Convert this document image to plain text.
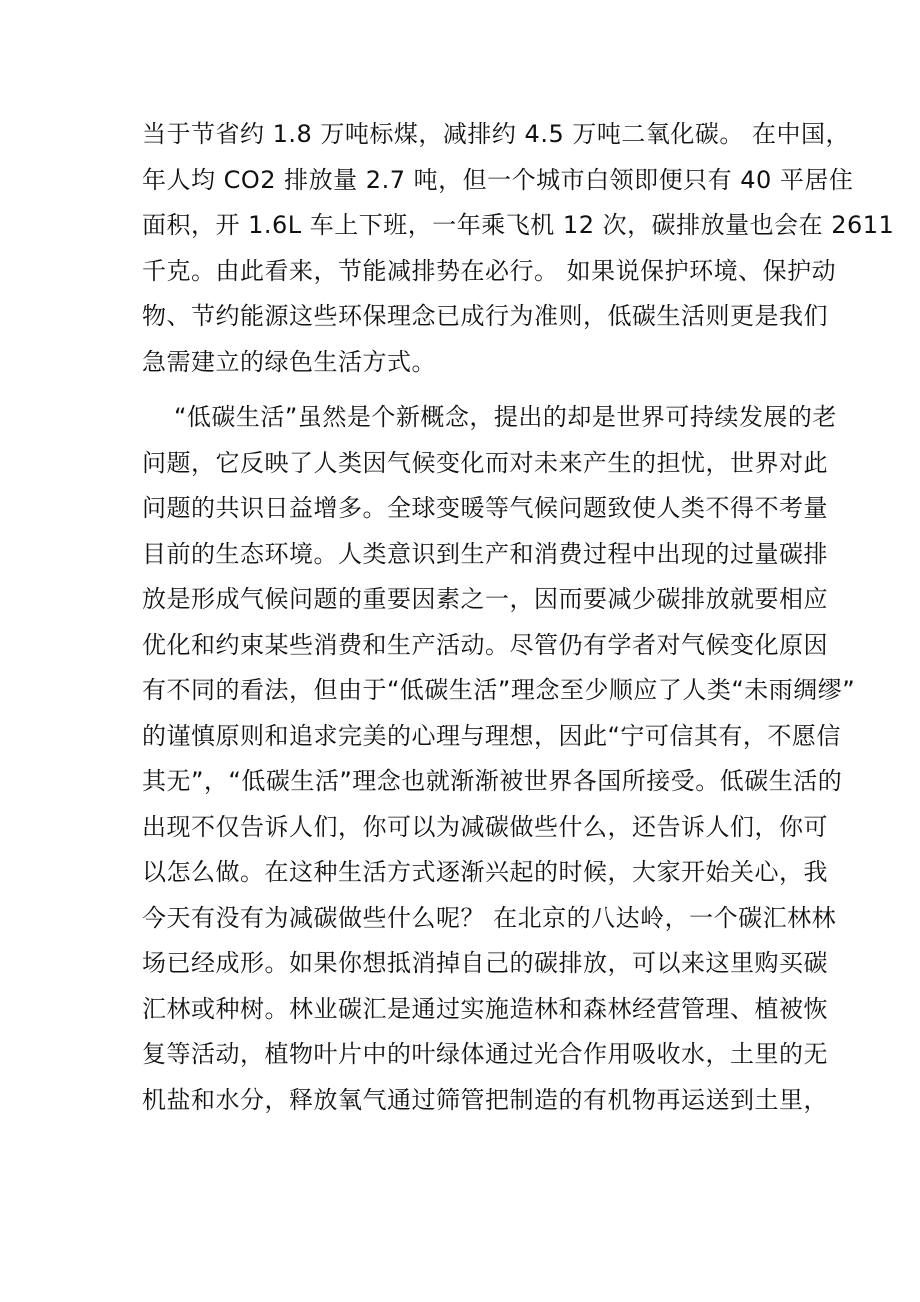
当于节省约 1.8 万吨标煤，减排约 4.5 万吨二氧化碳。 在中国，
年人均 CO2 排放量 2.7 吨，但一个城市白领即便只有 40 平居住
面积，开 1.6L 车上下班，一年乘飞机 12 次，碳排放量也会在 2611
千克。由此看来，节能减排势在必行。 如果说保护环境、保护动
物、节约能源这些环保理念已成行为准则，低碳生活则更是我们
急需建立的绿色生活方式。
“低碳生活”虽然是个新概念，提出的却是世界可持续发展的老
问题，它反映了人类因气候变化而对未来产生的担忧，世界对此
问题的共识日益增多。全球变暖等气候问题致使人类不得不考量
目前的生态环境。人类意识到生产和消费过程中出现的过量碳排
放是形成气候问题的重要因素之一，因而要减少碳排放就要相应
优化和约束某些消费和生产活动。尽管仍有学者对气候变化原因
有不同的看法，但由于“低碳生活”理念至少顺应了人类“未雨绸缪”
的谨慎原则和追求完美的心理与理想，因此“宁可信其有，不愿信
其无”，“低碳生活”理念也就渐渐被世界各国所接受。低碳生活的
出现不仅告诉人们，你可以为减碳做些什么，还告诉人们，你可
以怎么做。在这种生活方式逐渐兴起的时候，大家开始关心，我
今天有没有为减碳做些什么呢？ 在北京的八达岭，一个碳汇林林
场已经成形。如果你想抵消掉自己的碳排放，可以来这里购买碳
汇林或种树。林业碳汇是通过实施造林和森林经营管理、植被恢
复等活动，植物叶片中的叶绿体通过光合作用吸收水，土里的无
机盐和水分，释放氧气通过筛管把制造的有机物再运送到土里，
